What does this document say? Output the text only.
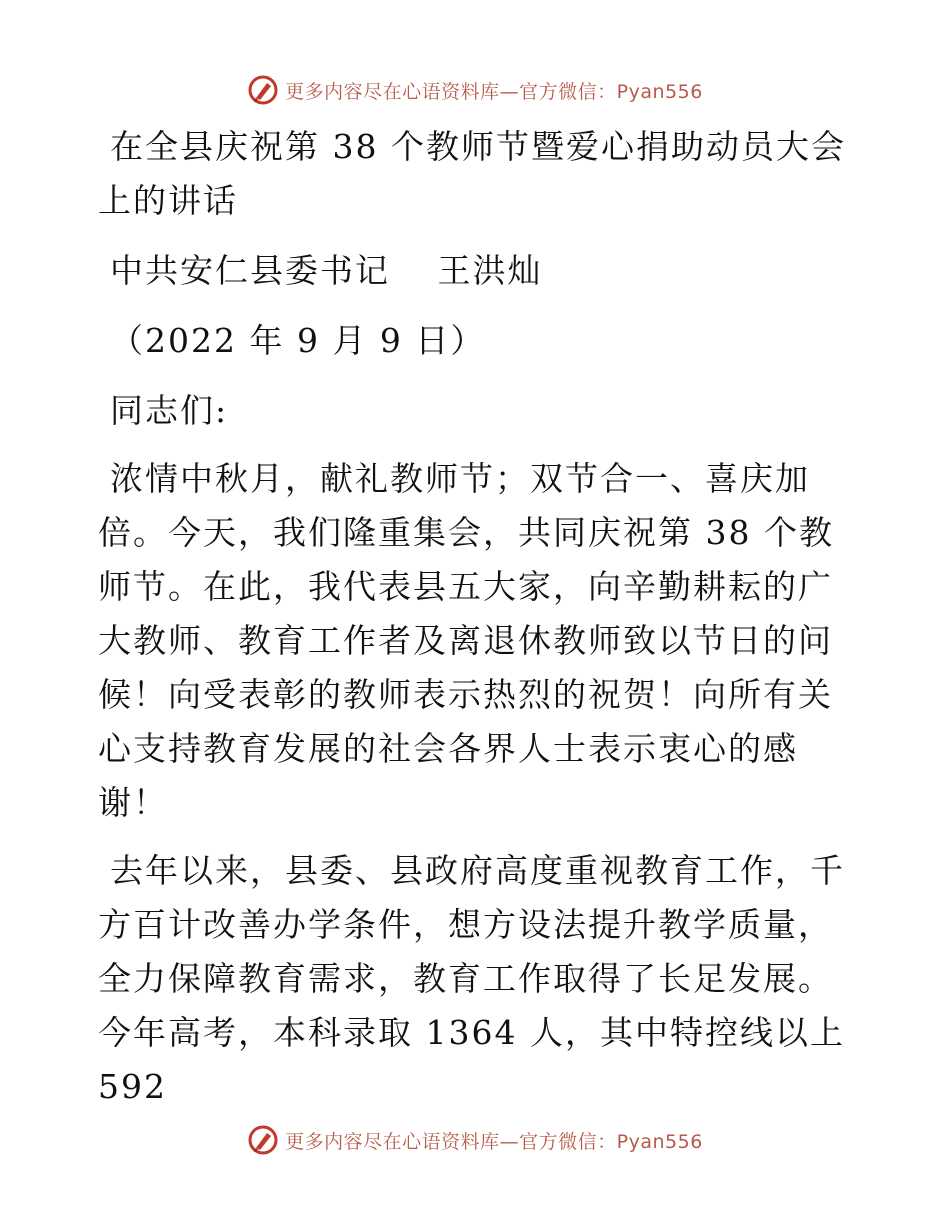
更多内容尽在心语资料库—官方微信：Pyan556

在全县庆祝第 38 个教师节暨爱心捐助动员大会上的讲话

中共安仁县委书记　 王洪灿

（2022 年 9 月 9 日）

同志们:

浓情中秋月，献礼教师节；双节合一、喜庆加倍。今天，我们隆重集会，共同庆祝第 38 个教师节。在此，我代表县五大家，向辛勤耕耘的广大教师、教育工作者及离退休教师致以节日的问候！向受表彰的教师表示热烈的祝贺！向所有关心支持教育发展的社会各界人士表示衷心的感谢！

去年以来，县委、县政府高度重视教育工作，千方百计改善办学条件，想方设法提升教学质量，全力保障教育需求，教育工作取得了长足发展。今年高考，本科录取 1364 人，其中特控线以上 592

更多内容尽在心语资料库—官方微信：Pyan556
